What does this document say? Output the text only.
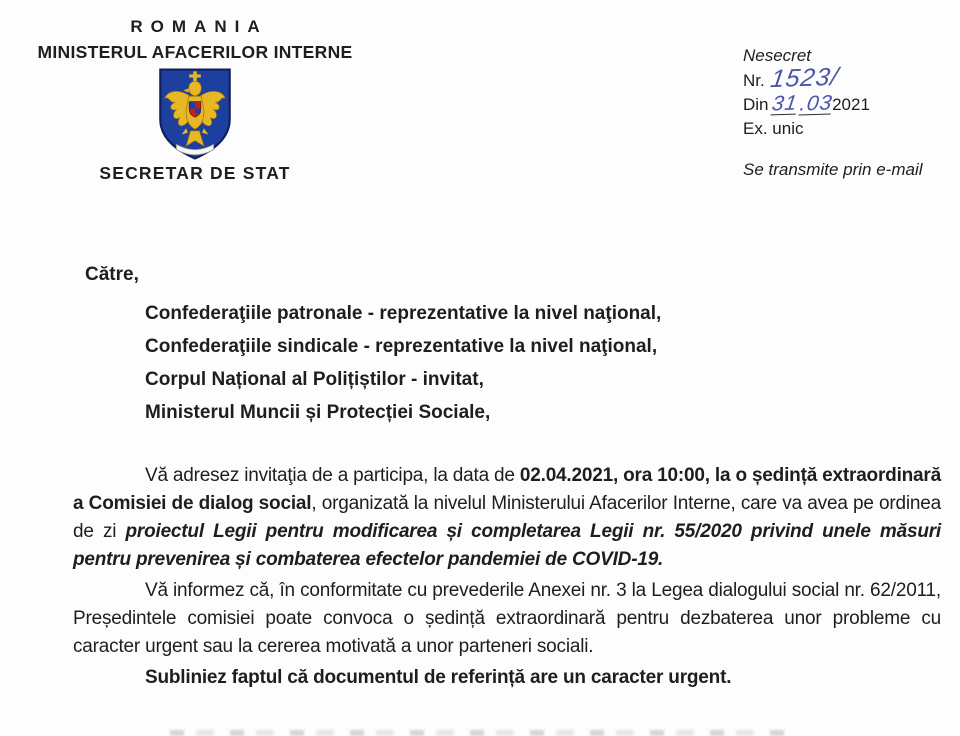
ROMANIA
MINISTERUL AFACERILOR INTERNE
SECRETAR DE STAT
Nesecret
Nr. 1523/
Din31.032021
Ex. unic
Se transmite prin e-mail
Către,
Confederaţiile patronale - reprezentative la nivel naţional,
Confederaţiile sindicale - reprezentative la nivel naţional,
Corpul Național al Polițiștilor - invitat,
Ministerul Muncii și Protecției Sociale,

Vă adresez invitaţia de a participa, la data de 02.04.2021, ora 10:00, la o ședință extraordinară a Comisiei de dialog social, organizată la nivelul Ministerului Afacerilor Interne, care va avea pe ordinea de zi proiectul Legii pentru modificarea și completarea Legii nr. 55/2020 privind unele măsuri pentru prevenirea și combaterea efectelor pandemiei de COVID-19.

Vă informez că, în conformitate cu prevederile Anexei nr. 3 la Legea dialogului social nr. 62/2011, Președintele comisiei poate convoca o ședință extraordinară pentru dezbaterea unor probleme cu caracter urgent sau la cererea motivată a unor parteneri sociali.

Subliniez faptul că documentul de referință are un caracter urgent.
